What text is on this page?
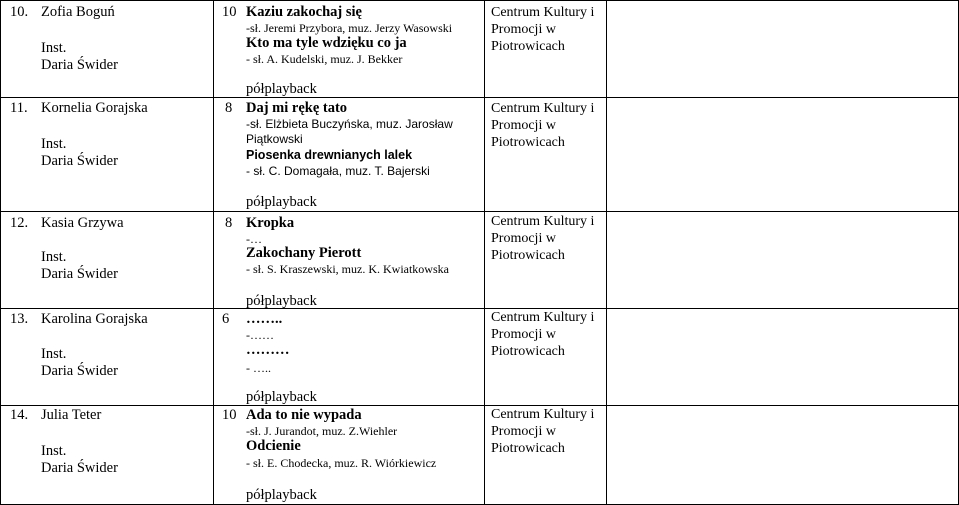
10. Zofia Boguń
Inst.
Daria Świder
10 Kaziu zakochaj się
-sł. Jeremi Przybora, muz. Jerzy Wasowski
Kto ma tyle wdzięku co ja
- sł. A. Kudelski, muz. J. Bekker
półplayback
Centrum Kultury i Promocji w Piotrowicach
11. Kornelia Gorajska
Inst.
Daria Świder
8 Daj mi rękę tato
-sł. Elżbieta Buczyńska, muz. Jarosław
Piątkowski
Piosenka drewnianych lalek
- sł. C. Domagała, muz. T. Bajerski
półplayback
Centrum Kultury i Promocji w Piotrowicach
12. Kasia Grzywa
Inst.
Daria Świder
8 Kropka
-…
Zakochany Pierott
- sł. S. Kraszewski, muz. K. Kwiatkowska
półplayback
Centrum Kultury i Promocji w Piotrowicach
13. Karolina Gorajska
Inst.
Daria Świder
6 ……..
-……
………
- …..
półplayback
Centrum Kultury i Promocji w Piotrowicach
14. Julia Teter
Inst.
Daria Świder
10 Ada to nie wypada
-sł. J. Jurandot, muz. Z.Wiehler
Odcienie
- sł. E. Chodecka, muz. R. Wiórkiewicz
półplayback
Centrum Kultury i Promocji w Piotrowicach
